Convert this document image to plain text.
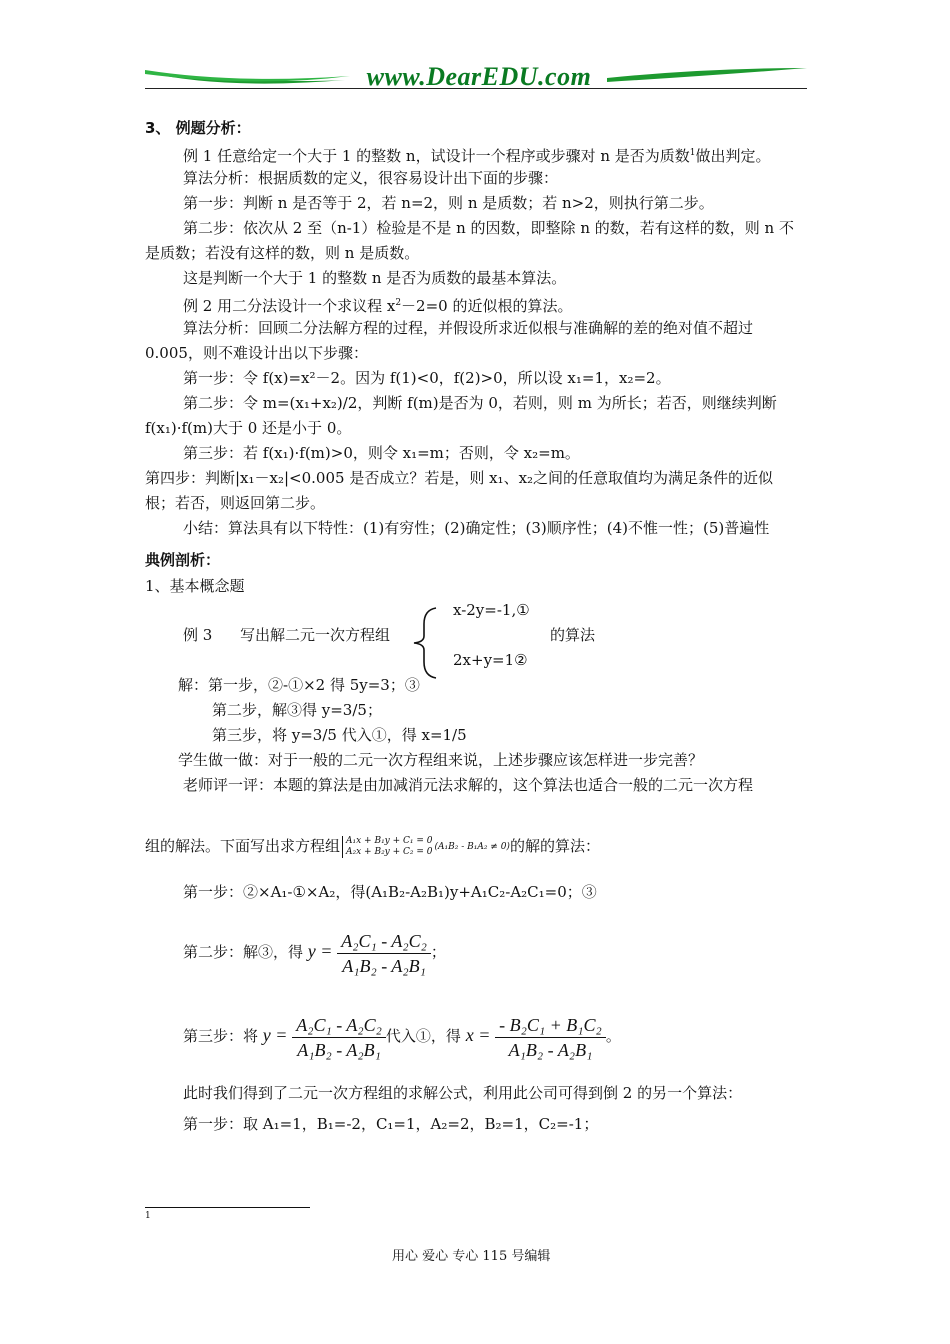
www.DearEDU.com
3、 例题分析：
例 1 任意给定一个大于 1 的整数 n，试设计一个程序或步骤对 n 是否为质数$^1$做出判定。
算法分析：根据质数的定义，很容易设计出下面的步骤：
第一步：判断 n 是否等于 2，若 n=2，则 n 是质数；若 n>2，则执行第二步。
第二步：依次从 2 至（n-1）检验是不是 n 的因数，即整除 n 的数，若有这样的数，则 n 不
是质数；若没有这样的数，则 n 是质数。
这是判断一个大于 1 的整数 n 是否为质数的最基本算法。
例 2 用二分法设计一个求议程 $x^2-2=0$ 的近似根的算法。
算法分析：回顾二分法解方程的过程，并假设所求近似根与准确解的差的绝对值不超过
0.005，则不难设计出以下步骤：
第一步：令 f(x)=x²－2。因为 f(1)<0，f(2)>0，所以设 x₁=1，x₂=2。
第二步：令 m=(x₁+x₂)/2，判断 f(m)是否为 0，若则，则 m 为所长；若否，则继续判断
f(x₁)·f(m)大于 0 还是小于 0。
第三步：若 f(x₁)·f(m)>0，则令 x₁=m；否则，令 x₂=m。
第四步：判断|x₁－x₂|<0.005 是否成立？若是，则 x₁、x₂之间的任意取值均为满足条件的近似
根；若否，则返回第二步。
小结：算法具有以下特性：(1)有穷性；(2)确定性；(3)顺序性；(4)不惟一性；(5)普遍性
典例剖析：
1、基本概念题
例 3 写出解二元一次方程组
x-2y=-1,①
2x+y=1②
的算法
解：第一步，②-①×2 得 5y=3；③
第二步，解③得 y=3/5；
第三步，将 y=3/5 代入①，得 x=1/5
学生做一做：对于一般的二元一次方程组来说，上述步骤应该怎样进一步完善？
老师评一评：本题的算法是由加减消元法求解的，这个算法也适合一般的二元一次方程
组的解法。下面写出求方程组 A₁x + B₁y + C₁ = 0
A₂x + B₂y + C₂ = 0 (A₁B₂ - B₁A₂ ≠ 0)的解的算法：
第一步：②×A₁-①×A₂，得(A₁B₂-A₂B₁)y+A₁C₂-A₂C₁=0；③
第二步：解③，得 $y = \frac{\text{A₂C₁ - A₂C₂}}{\text{A₁B₂ - A₂B₁}}$ ；
第三步：将 $y = \frac{\text{A₂C₁ - A₂C₂}}{\text{A₁B₂ - A₂B₁}}$ 代入①，得 $x = \frac{\text{- B₂C₁ + B₁C₂}}{\text{A₁B₂ - A₂B₁}}$ 。
此时我们得到了二元一次方程组的求解公式，利用此公司可得到倒 2 的另一个算法：
第一步：取 A₁=1，B₁=-2，C₁=1，A₂=2，B₂=1，C₂=-1；
1
用心 爱心 专心 115 号编辑
